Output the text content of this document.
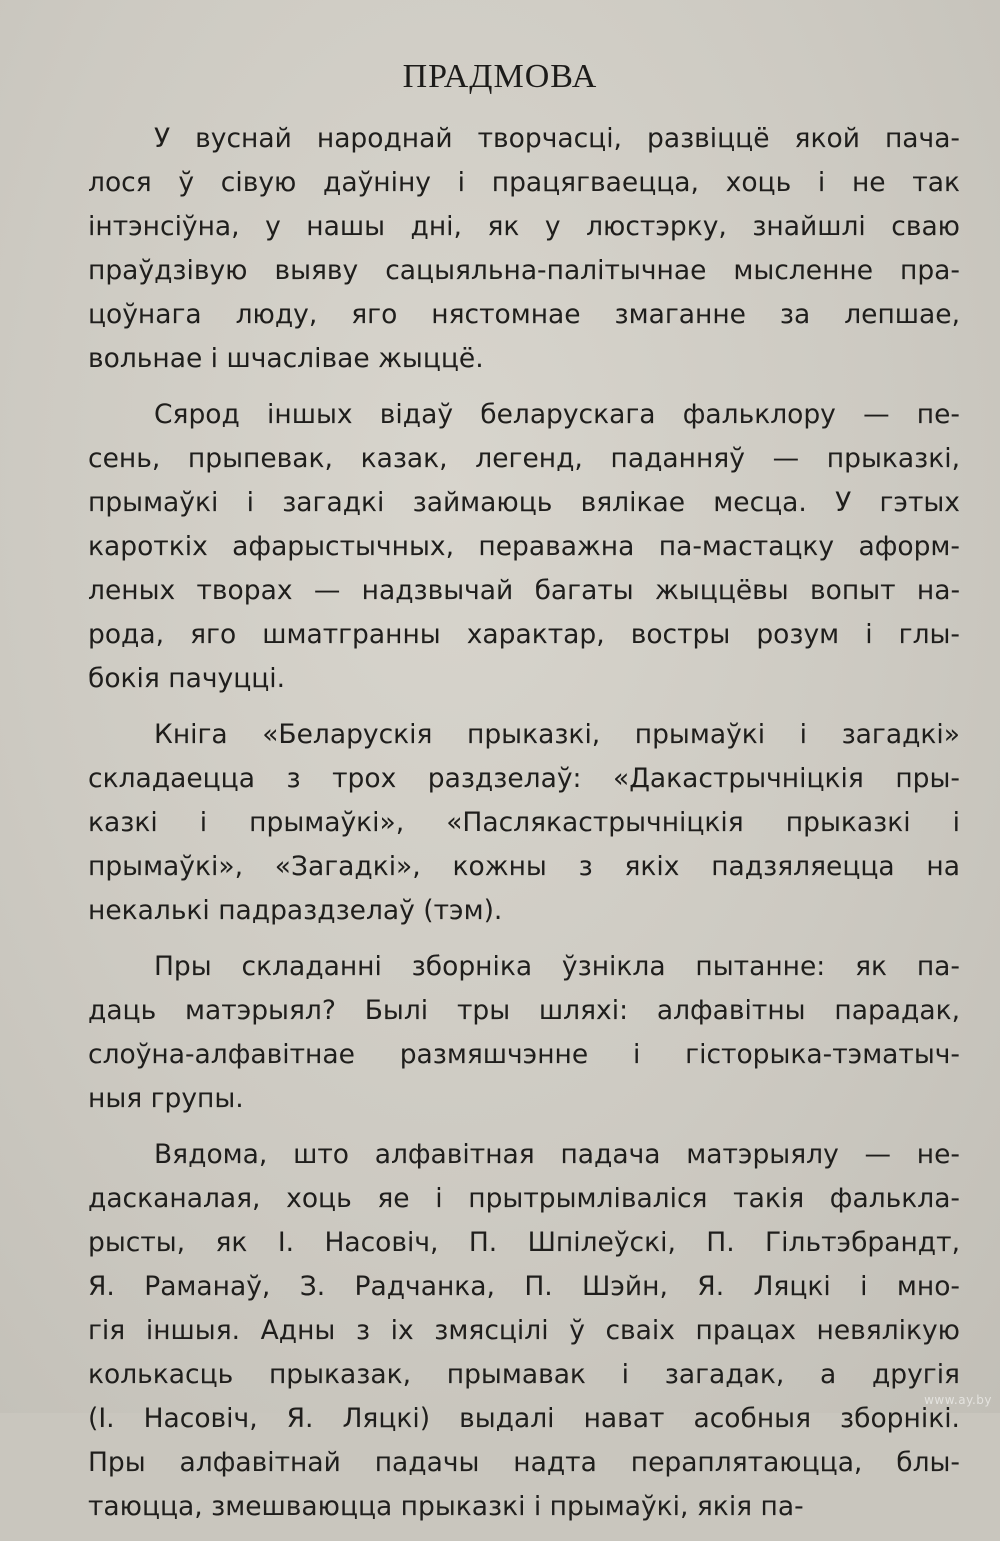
ПРАДМОВА
У вуснай народнай творчасці, развіццё якой пача-
лося ў сівую даўніну і працягваецца, хоць і не так
інтэнсіўна, у нашы дні, як у люстэрку, знайшлі сваю
праўдзівую выяву сацыяльна-палітычнае мысленне пра-
цоўнага люду, яго нястомнае змаганне за лепшае,
вольнае і шчаслівае жыццё.
Сярод іншых відаў беларускага фальклору — пе-
сень, прыпевак, казак, легенд, паданняў — прыказкі,
прымаўкі і загадкі займаюць вялікае месца. У гэтых
кароткіх афарыстычных, пераважна па-мастацку аформ-
леных творах — надзвычай багаты жыццёвы вопыт на-
рода, яго шматгранны характар, востры розум і глы-
бокія пачуцці.
Кніга «Беларускія прыказкі, прымаўкі і загадкі»
складаецца з трох раздзелаў: «Дакастрычніцкія пры-
казкі і прымаўкі», «Паслякастрычніцкія прыказкі і
прымаўкі», «Загадкі», кожны з якіх падзяляецца на
некалькі падраздзелаў (тэм).
Пры складанні зборніка ўзнікла пытанне: як па-
даць матэрыял? Былі тры шляхі: алфавітны парадак,
слоўна-алфавітнае размяшчэнне і гісторыка-тэматыч-
ныя групы.
Вядома, што алфавітная падача матэрыялу — не-
дасканалая, хоць яе і прытрымліваліся такія фалькла-
рысты, як І. Насовіч, П. Шпілеўскі, П. Гільтэбрандт,
Я. Раманаў, З. Радчанка, П. Шэйн, Я. Ляцкі і мно-
гія іншыя. Адны з іх змясцілі ў сваіх працах невялікую
колькасць прыказак, прымавак і загадак, а другія
(І. Насовіч, Я. Ляцкі) выдалі нават асобныя зборнікі.
Пры алфавітнай падачы надта пераплятаюцца, блы-
таюцца, змешваюцца прыказкі і прымаўкі, якія па-
www.ay.by
